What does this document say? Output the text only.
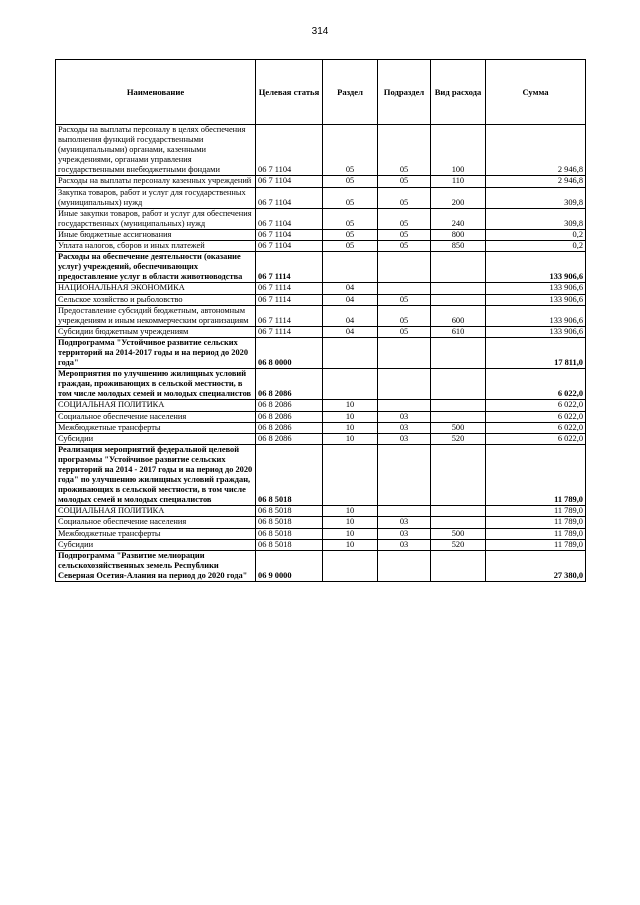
314
Наименование	Целевая статья	Раздел	Подраздел	Вид расхода	Сумма
Расходы на выплаты персоналу в целях обеспечения выполнения функций государственными (муниципальными) органами, казенными учреждениями, органами управления государственными внебюджетными фондами	06 7 1104	05	05	100	2 946,8
Расходы на выплаты персоналу казенных учреждений	06 7 1104	05	05	110	2 946,8
Закупка товаров, работ и услуг для государственных (муниципальных) нужд	06 7 1104	05	05	200	309,8
Иные закупки товаров, работ и услуг для обеспечения государственных (муниципальных) нужд	06 7 1104	05	05	240	309,8
Иные бюджетные ассигнования	06 7 1104	05	05	800	0,2
Уплата налогов, сборов и иных платежей	06 7 1104	05	05	850	0,2
Расходы на обеспечение деятельности (оказание услуг) учреждений, обеспечивающих предоставление услуг в области животноводства	06 7 1114				133 906,6
НАЦИОНАЛЬНАЯ ЭКОНОМИКА	06 7 1114	04			133 906,6
Сельское хозяйство и рыболовство	06 7 1114	04	05		133 906,6
Предоставление субсидий бюджетным, автономным учреждениям и иным некоммерческим организациям	06 7 1114	04	05	600	133 906,6
Субсидии бюджетным учреждениям	06 7 1114	04	05	610	133 906,6
Подпрограмма "Устойчивое развитие сельских территорий на 2014-2017 годы и на период до 2020 года"	06 8 0000				17 811,0
Мероприятия по улучшению жилищных условий граждан, проживающих в сельской местности, в том числе молодых семей и молодых специалистов	06 8 2086				6 022,0
СОЦИАЛЬНАЯ ПОЛИТИКА	06 8 2086	10			6 022,0
Социальное обеспечение населения	06 8 2086	10	03		6 022,0
Межбюджетные трансферты	06 8 2086	10	03	500	6 022,0
Субсидии	06 8 2086	10	03	520	6 022,0
Реализация мероприятий федеральной целевой программы "Устойчивое развитие сельских территорий на 2014 - 2017 годы и на период до 2020 года" по улучшению жилищных условий граждан, проживающих в сельской местности, в том числе молодых семей и молодых специалистов	06 8 5018				11 789,0
СОЦИАЛЬНАЯ ПОЛИТИКА	06 8 5018	10			11 789,0
Социальное обеспечение населения	06 8 5018	10	03		11 789,0
Межбюджетные трансферты	06 8 5018	10	03	500	11 789,0
Субсидии	06 8 5018	10	03	520	11 789,0
Подпрограмма "Развитие мелиорации сельскохозяйственных земель Республики Северная Осетия-Алания на период до 2020 года"	06 9 0000				27 380,0
